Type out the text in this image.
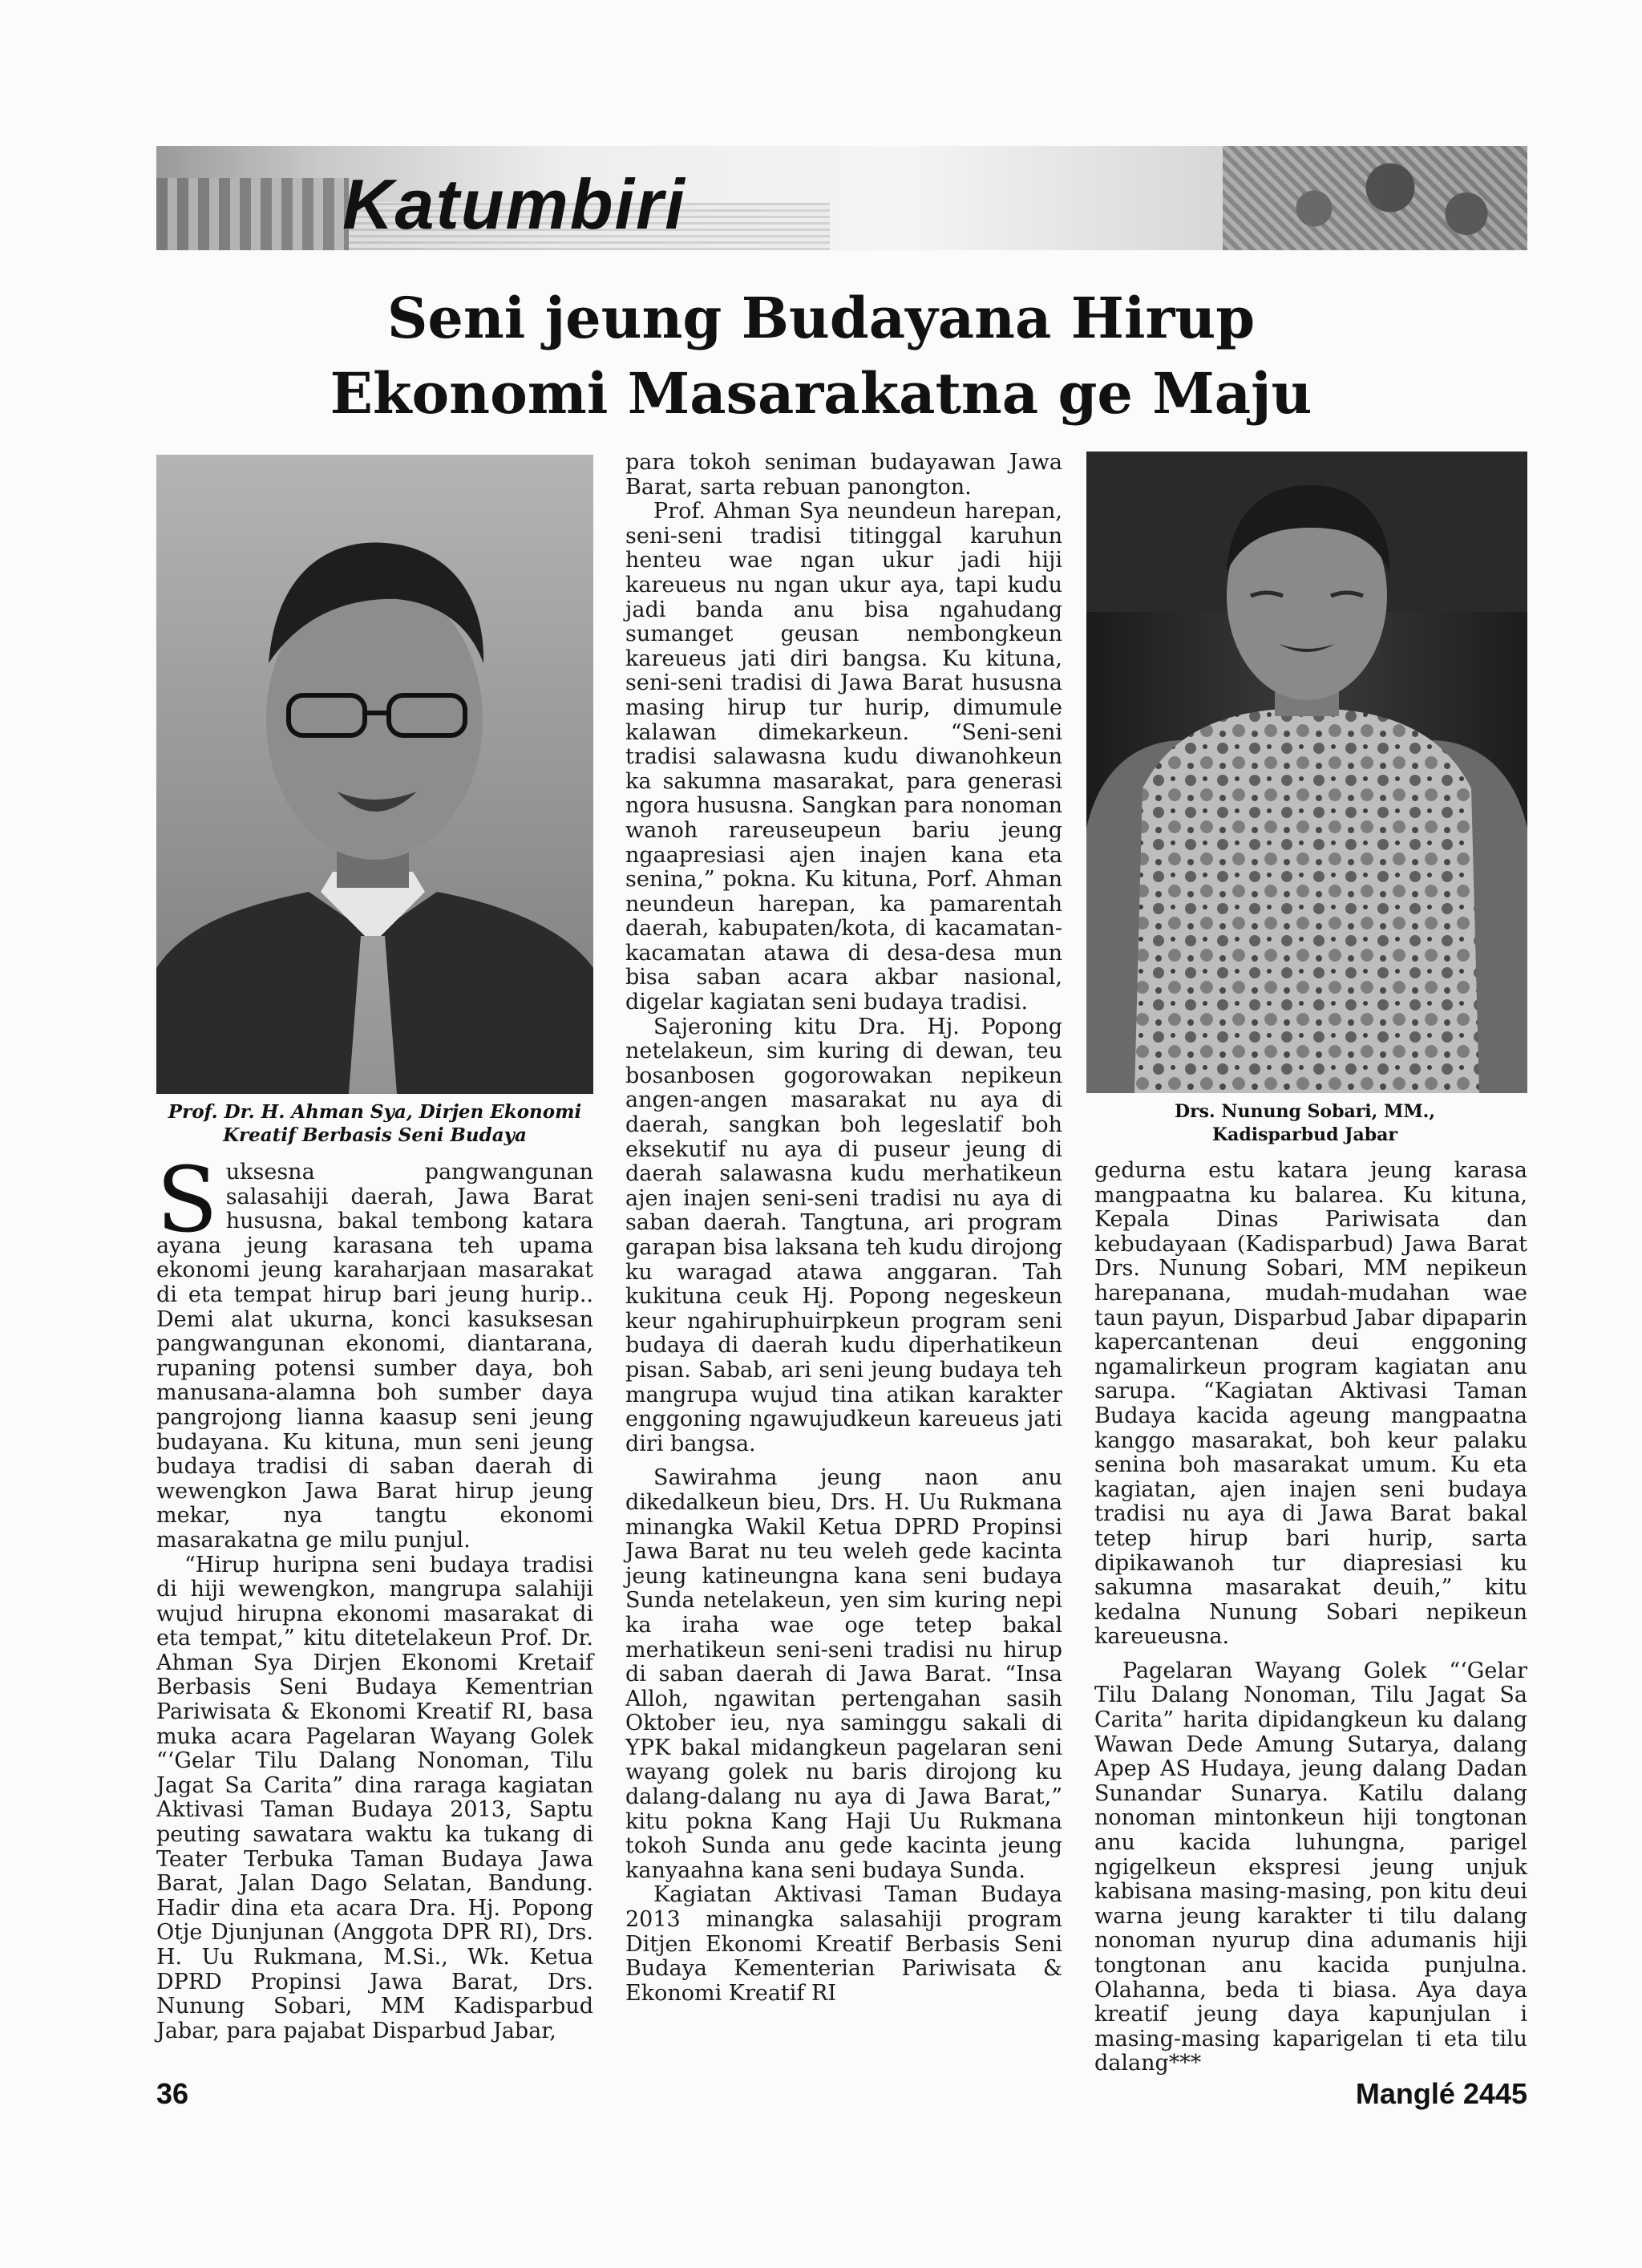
Katumbiri
Seni jeung Budayana Hirup
Ekonomi Masarakatna ge Maju
Prof. Dr. H. Ahman Sya, Dirjen Ekonomi
Kreatif Berbasis Seni Budaya
Drs. Nunung Sobari, MM.,
Kadisparbud Jabar

Suksesna pangwangunan salasahiji daerah, Jawa Barat hususna, bakal tembong katara ayana jeung karasana teh upama ekonomi jeung karaharjaan masarakat di eta tempat hirup bari jeung hurip.. Demi alat ukurna, konci kasuksesan pangwangunan ekonomi, diantarana, rupaning potensi sumber daya, boh manusana-alamna boh sumber daya pangrojong lianna kaasup seni jeung budayana. Ku kituna, mun seni jeung budaya tradisi di saban daerah di wewengkon Jawa Barat hirup jeung mekar, nya tangtu ekonomi masarakatna ge milu punjul.

“Hirup huripna seni budaya tradisi di hiji wewengkon, mangrupa salahiji wujud hirupna ekonomi masarakat di eta tempat,” kitu ditetelakeun Prof. Dr. Ahman Sya Dirjen Ekonomi Kretaif Berbasis Seni Budaya Kementrian Pariwisata & Ekonomi Kreatif RI, basa muka acara Pagelaran Wayang Golek “‘Gelar Tilu Dalang Nonoman, Tilu Jagat Sa Carita” dina raraga kagiatan Aktivasi Taman Budaya 2013, Saptu peuting sawatara waktu ka tukang di Teater Terbuka Taman Budaya Jawa Barat, Jalan Dago Selatan, Bandung. Hadir dina eta acara Dra. Hj. Popong Otje Djunjunan (Anggota DPR RI), Drs. H. Uu Rukmana, M.Si., Wk. Ketua DPRD Propinsi Jawa Barat, Drs. Nunung Sobari, MM Kadisparbud Jabar, para pajabat Disparbud Jabar,

para tokoh seniman budayawan Jawa Barat, sarta rebuan panongton.

Prof. Ahman Sya neundeun harepan, seni-seni tradisi titinggal karuhun henteu wae ngan ukur jadi hiji kareueus nu ngan ukur aya, tapi kudu jadi banda anu bisa ngahudang sumanget geusan nembongkeun kareueus jati diri bangsa. Ku kituna, seni-seni tradisi di Jawa Barat hususna masing hirup tur hurip, dimumule kalawan dimekarkeun. “Seni-seni tradisi salawasna kudu diwanohkeun ka sakumna masarakat, para generasi ngora hususna. Sangkan para nonoman wanoh rareuseupeun bariu jeung ngaapresiasi ajen inajen kana eta senina,” pokna. Ku kituna, Porf. Ahman neundeun harepan, ka pamarentah daerah, kabupaten/kota, di kacamatan-kacamatan atawa di desa-desa mun bisa saban acara akbar nasional, digelar kagiatan seni budaya tradisi.

Sajeroning kitu Dra. Hj. Popong netelakeun, sim kuring di dewan, teu bosanbosen gogorowakan nepikeun angen-angen masarakat nu aya di daerah, sangkan boh legeslatif boh eksekutif nu aya di puseur jeung di daerah salawasna kudu merhatikeun ajen inajen seni-seni tradisi nu aya di saban daerah. Tangtuna, ari program garapan bisa laksana teh kudu dirojong ku waragad atawa anggaran. Tah kukituna ceuk Hj. Popong negeskeun keur ngahiruphuirpkeun program seni budaya di daerah kudu diperhatikeun pisan. Sabab, ari seni jeung budaya teh mangrupa wujud tina atikan karakter enggoning ngawujudkeun kareueus jati diri bangsa.

Sawirahma jeung naon anu dikedalkeun bieu, Drs. H. Uu Rukmana minangka Wakil Ketua DPRD Propinsi Jawa Barat nu teu weleh gede kacinta jeung katineungna kana seni budaya Sunda netelakeun, yen sim kuring nepi ka iraha wae oge tetep bakal merhatikeun seni-seni tradisi nu hirup di saban daerah di Jawa Barat. “Insa Alloh, ngawitan pertengahan sasih Oktober ieu, nya saminggu sakali di YPK bakal midangkeun pagelaran seni wayang golek nu baris dirojong ku dalang-dalang nu aya di Jawa Barat,” kitu pokna Kang Haji Uu Rukmana tokoh Sunda anu gede kacinta jeung kanyaahna kana seni budaya Sunda.

Kagiatan Aktivasi Taman Budaya 2013 minangka salasahiji program Ditjen Ekonomi Kreatif Berbasis Seni Budaya Kementerian Pariwisata & Ekonomi Kreatif RI

gedurna estu katara jeung karasa mangpaatna ku balarea. Ku kituna, Kepala Dinas Pariwisata dan kebudayaan (Kadisparbud) Jawa Barat Drs. Nunung Sobari, MM nepikeun harepanana, mudah-mudahan wae taun payun, Disparbud Jabar dipaparin kapercantenan deui enggoning ngamalirkeun program kagiatan anu sarupa. “Kagiatan Aktivasi Taman Budaya kacida ageung mangpaatna kanggo masarakat, boh keur palaku senina boh masarakat umum. Ku eta kagiatan, ajen inajen seni budaya tradisi nu aya di Jawa Barat bakal tetep hirup bari hurip, sarta dipikawanoh tur diapresiasi ku sakumna masarakat deuih,” kitu kedalna Nunung Sobari nepikeun kareueusna.

Pagelaran Wayang Golek “‘Gelar Tilu Dalang Nonoman, Tilu Jagat Sa Carita” harita dipidangkeun ku dalang Wawan Dede Amung Sutarya, dalang Apep AS Hudaya, jeung dalang Dadan Sunandar Sunarya. Katilu dalang nonoman mintonkeun hiji tongtonan anu kacida luhungna, parigel ngigelkeun ekspresi jeung unjuk kabisana masing-masing, pon kitu deui warna jeung karakter ti tilu dalang nonoman nyurup dina adumanis hiji tongtonan anu kacida punjulna. Olahanna, beda ti biasa. Aya daya kreatif jeung daya kapunjulan i masing-masing kaparigelan ti eta tilu dalang***

36	Manglé 2445
